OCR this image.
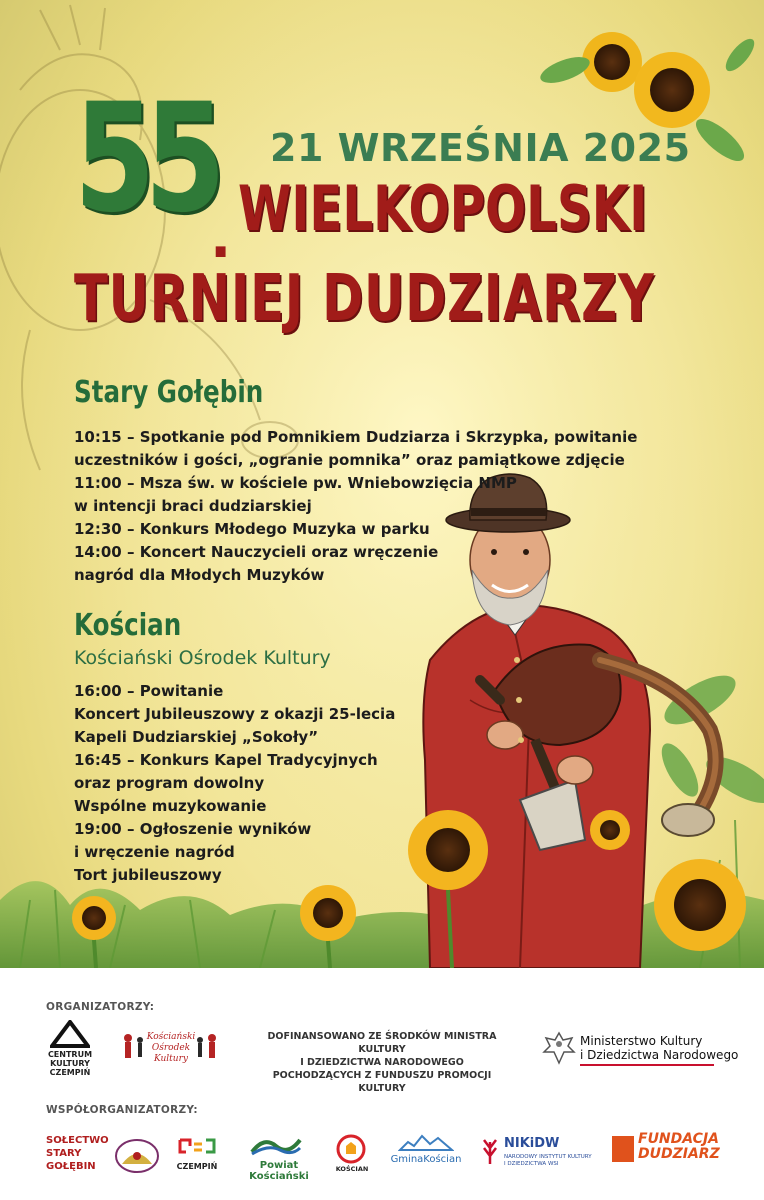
21 WRZEŚNIA 2025
55
. WIELKOPOLSKI
TURNIEJ DUDZIARZY
Stary Gołębin
10:15 – Spotkanie pod Pomnikiem Dudziarza i Skrzypka, powitanie
uczestników i gości, „ogranie pomnika” oraz pamiątkowe zdjęcie
11:00 – Msza św. w kościele pw. Wniebowzięcia NMP
w intencji braci dudziarskiej
12:30 – Konkurs Młodego Muzyka w parku
14:00 – Koncert Nauczycieli oraz wręczenie
nagród dla Młodych Muzyków
Kościan
Kościański Ośrodek Kultury
16:00 – Powitanie
Koncert Jubileuszowy z okazji 25-lecia
Kapeli Dudziarskiej „Sokoły”
16:45 – Konkurs Kapel Tradycyjnych
oraz program dowolny
Wspólne muzykowanie
19:00 – Ogłoszenie wyników
i wręczenie nagród
Tort jubileuszowy
ORGANIZATORZY:
CENTRUM
KULTURY
CZEMPIŃ
Kościański
Ośrodek
Kultury
DOFINANSOWANO ZE ŚRODKÓW MINISTRA KULTURY
I DZIEDZICTWA NARODOWEGO
POCHODZĄCYCH Z FUNDUSZU PROMOCJI KULTURY
Ministerstwo Kultury
i Dziedzictwa Narodowego
WSPÓŁORGANIZATORZY:
SOŁECTWO
STARY
GOŁĘBIN	CZEMPIŃ	Powiat Kościański
KOŚCIAN
GminaKościan
NIKiDW
NARODOWY INSTYTUT KULTURY
I DZIEDZICTWA WSI
FUNDACJA
DUDZIARZ
